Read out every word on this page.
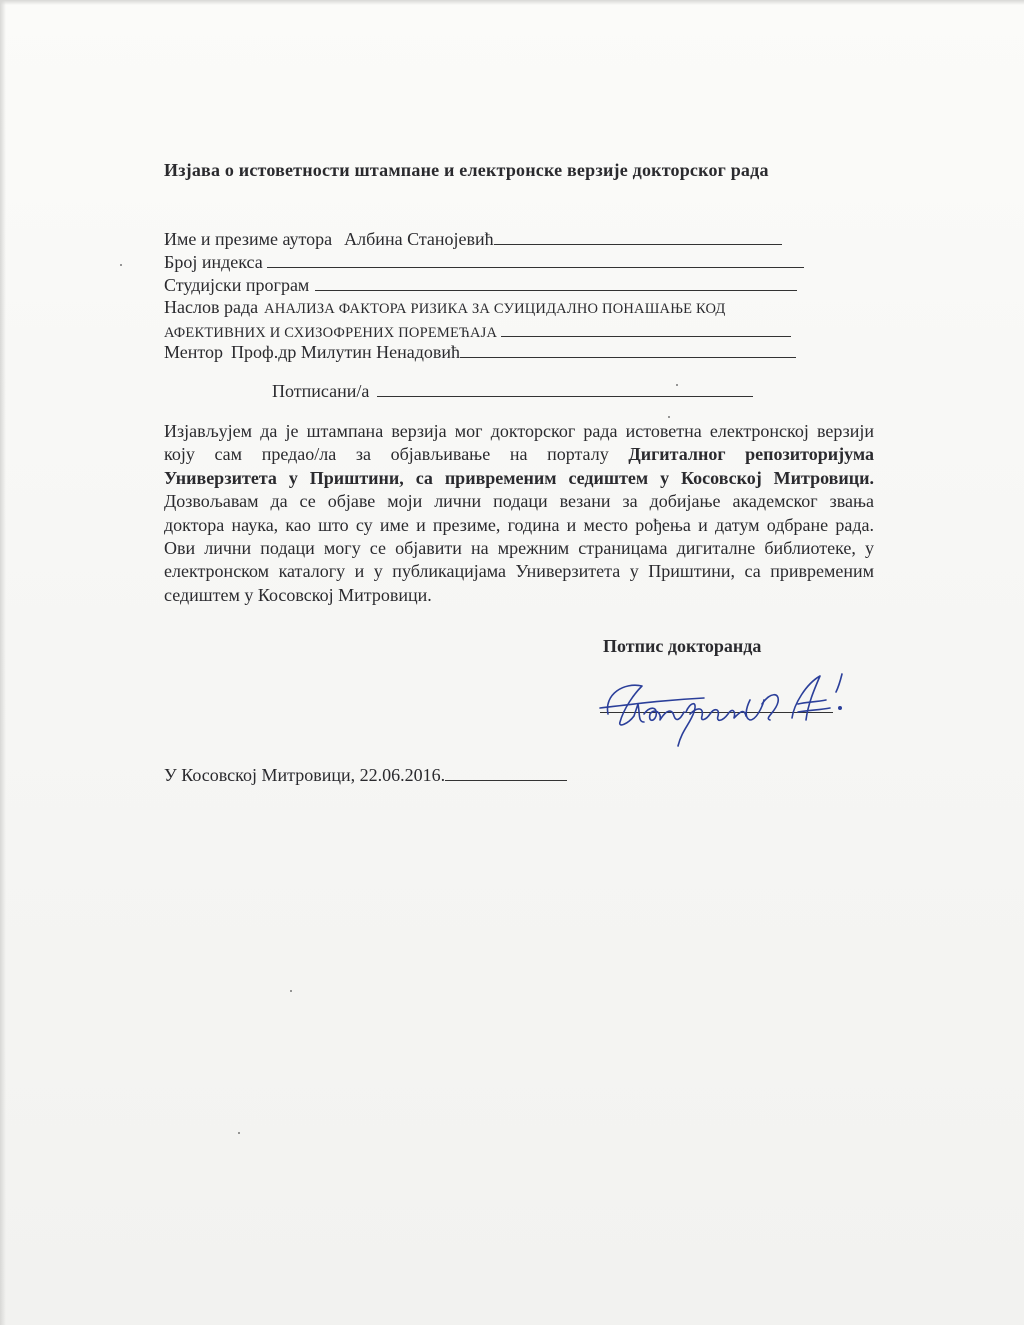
Изјава о истоветности штампане и електронске верзије докторског рада
Име и презиме аутора Албина Станојевић
Број индекса
Студијски програм
Наслов рада АНАЛИЗА ФАКТОРА РИЗИКА ЗА СУИЦИДАЛНО ПОНАШАЊЕ КОД
АФЕКТИВНИХ И СХИЗОФРЕНИХ ПОРЕМЕЋАЈА
Ментор Проф.др Милутин Ненадовић
Потписани/а
Изјављујем да је штампана верзија мог докторског рада истоветна електронској верзији
коју сам предао/ла за објављивање на порталу Дигиталног репозиторијума
Универзитета у Приштини, са привременим седиштем у Косовској Митровици.
Дозвољавам да се објаве моји лични подаци везани за добијање академског звања
доктора наука, као што су име и презиме, година и место рођења и датум одбране рада.
Ови лични подаци могу се објавити на мрежним страницама дигиталне библиотеке, у
електронском каталогу и у публикацијама Универзитета у Приштини, са привременим
седиштем у Косовској Митровици.
Потпис докторанда
У Косовској Митровици, 22.06.2016.
